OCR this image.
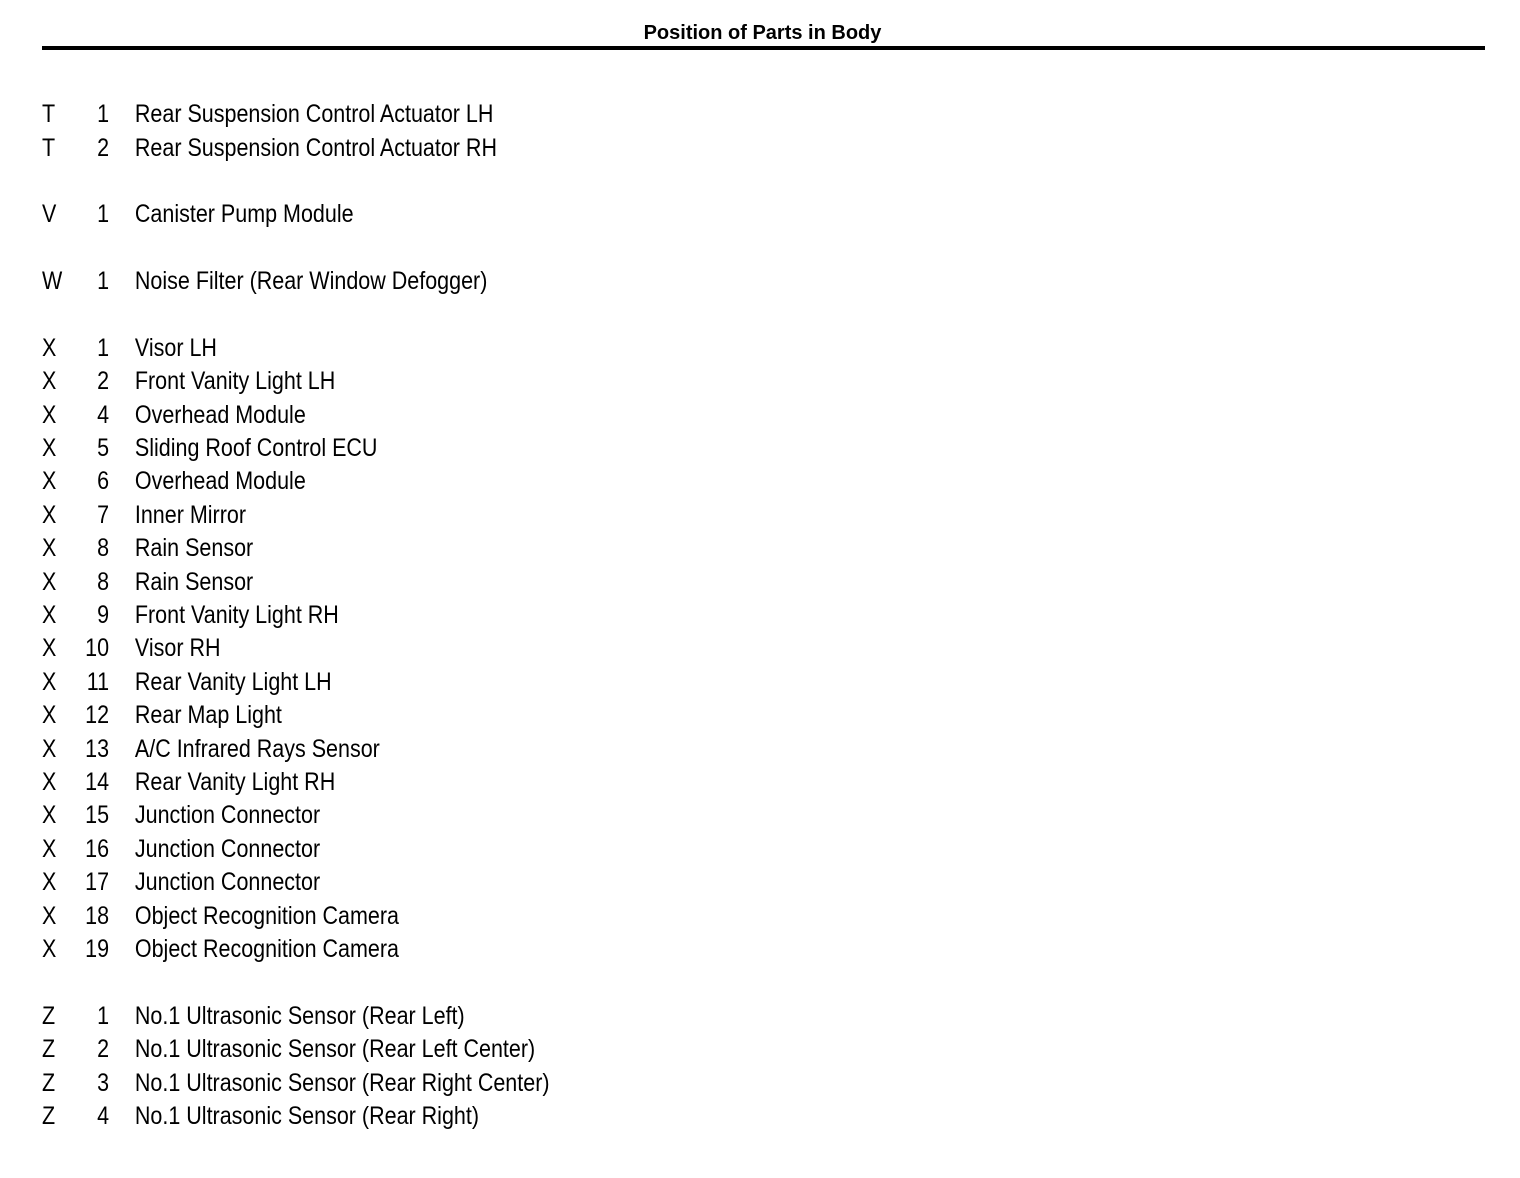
Position of Parts in Body
T	1	Rear Suspension Control Actuator LH
T	2	Rear Suspension Control Actuator RH
V	1	Canister Pump Module
W	1	Noise Filter (Rear Window Defogger)
X	1	Visor LH
X	2	Front Vanity Light LH
X	4	Overhead Module
X	5	Sliding Roof Control ECU
X	6	Overhead Module
X	7	Inner Mirror
X	8	Rain Sensor
X	8	Rain Sensor
X	9	Front Vanity Light RH
X	10	Visor RH
X	11	Rear Vanity Light LH
X	12	Rear Map Light
X	13	A/C Infrared Rays Sensor
X	14	Rear Vanity Light RH
X	15	Junction Connector
X	16	Junction Connector
X	17	Junction Connector
X	18	Object Recognition Camera
X	19	Object Recognition Camera
Z	1	No.1 Ultrasonic Sensor (Rear Left)
Z	2	No.1 Ultrasonic Sensor (Rear Left Center)
Z	3	No.1 Ultrasonic Sensor (Rear Right Center)
Z	4	No.1 Ultrasonic Sensor (Rear Right)
